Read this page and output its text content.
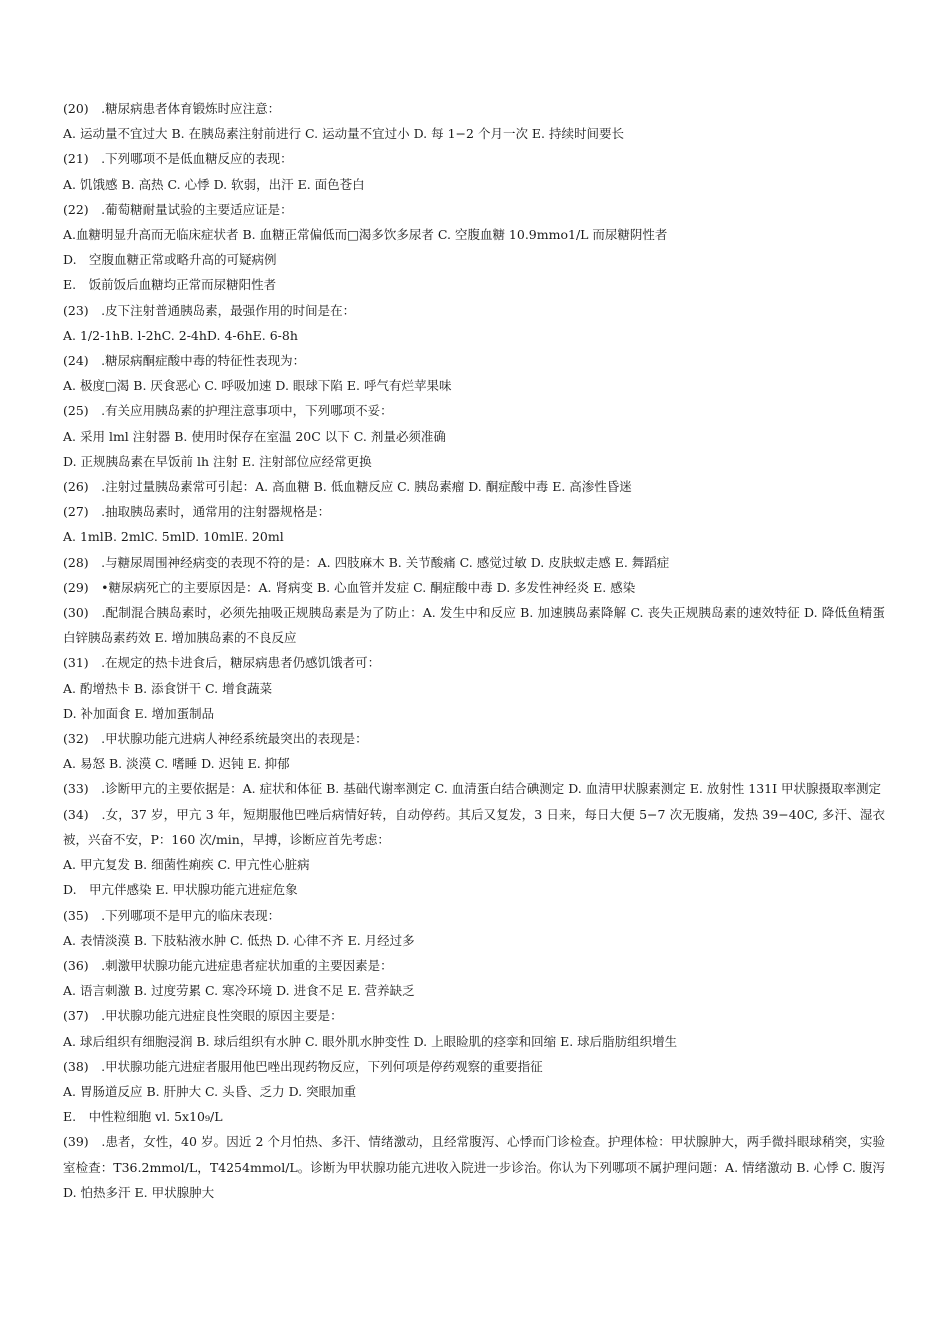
(20)　.糖尿病患者体育锻炼时应注意：

A. 运动量不宜过大 B. 在胰岛素注射前进行 C. 运动量不宜过小 D. 每 1−2 个月一次 E. 持续时间要长

(21)　.下列哪项不是低血糖反应的表现：

A. 饥饿感 B. 高热 C. 心悸 D. 软弱，出汗 E. 面色苍白

(22)　.葡萄糖耐量试验的主要适应证是：

A.血糖明显升高而无临床症状者 B. 血糖正常偏低而□渴多饮多尿者 C. 空腹血糖 10.9mmo1/L 而尿糖阴性者

D.　空腹血糖正常或略升高的可疑病例

E.　饭前饭后血糖均正常而尿糖阳性者

(23)　.皮下注射普通胰岛素，最强作用的时间是在：

A. 1/2-1hB. l-2hC. 2-4hD. 4-6hE. 6-8h

(24)　.糖尿病酮症酸中毒的特征性表现为：

A. 极度□渴 B. 厌食恶心 C. 呼吸加速 D. 眼球下陷 E. 呼气有烂苹果味

(25)　.有关应用胰岛素的护理注意事项中，下列哪项不妥：

A. 采用 lml 注射器 B. 使用时保存在室温 20C 以下 C. 剂量必须准确

D. 正规胰岛素在早饭前 lh 注射 E. 注射部位应经常更换

(26)　.注射过量胰岛素常可引起：A. 高血糖 B. 低血糖反应 C. 胰岛素瘤 D. 酮症酸中毒 E. 高渗性昏迷

(27)　.抽取胰岛素时，通常用的注射器规格是：

A. 1mlB. 2mlC. 5mlD. 10mlE. 20ml

(28)　.与糖尿周围神经病变的表现不符的是：A. 四肢麻木 B. 关节酸痛 C. 感觉过敏 D. 皮肤蚁走感 E. 舞蹈症

(29)　•糖尿病死亡的主要原因是：A. 肾病变 B. 心血管并发症 C. 酮症酸中毒 D. 多发性神经炎 E. 感染

(30)　.配制混合胰岛素时，必须先抽吸正规胰岛素是为了防止：A. 发生中和反应 B. 加速胰岛素降解 C. 丧失正规胰岛素的速效特征 D. 降低鱼精蛋白锌胰岛素药效 E. 增加胰岛素的不良反应

(31)　.在规定的热卡进食后，糖尿病患者仍感饥饿者可：

A. 酌增热卡 B. 添食饼干 C. 增食蔬菜

D. 补加面食 E. 增加蛋制品

(32)　.甲状腺功能亢进病人神经系统最突出的表现是：

A. 易怒 B. 淡漠 C. 嗜睡 D. 迟钝 E. 抑郁

(33)　.诊断甲亢的主要依据是：A. 症状和体征 B. 基础代谢率测定 C. 血清蛋白结合碘测定 D. 血清甲状腺素测定 E. 放射性 131I 甲状腺摄取率测定

(34)　.女，37 岁，甲亢 3 年，短期服他巴唑后病情好转，自动停药。其后又复发，3 日来，每日大便 5−7 次无腹痛，发热 39−40C, 多汗、湿衣被，兴奋不安，P：160 次/min，早搏，诊断应首先考虑：

A. 甲亢复发 B. 细菌性痢疾 C. 甲亢性心脏病

D.　甲亢伴感染 E. 甲状腺功能亢进症危象

(35)　.下列哪项不是甲亢的临床表现：

A. 表情淡漠 B. 下肢粘液水肿 C. 低热 D. 心律不齐 E. 月经过多

(36)　.刺激甲状腺功能亢进症患者症状加重的主要因素是：

A. 语言刺激 B. 过度劳累 C. 寒冷环境 D. 进食不足 E. 营养缺乏

(37)　.甲状腺功能亢进症良性突眼的原因主要是：

A. 球后组织有细胞浸润 B. 球后组织有水肿 C. 眼外肌水肿变性 D. 上眼睑肌的痉挛和回缩 E. 球后脂肪组织增生

(38)　.甲状腺功能亢进症者服用他巴唑出现药物反应，下列何项是停药观察的重要指征

A. 胃肠道反应 B. 肝肿大 C. 头昏、乏力 D. 突眼加重

E.　中性粒细胞 vl. 5x10₉/L

(39)　.患者，女性，40 岁。因近 2 个月怕热、多汗、情绪激动，且经常腹泻、心悸而门诊检查。护理体检：甲状腺肿大，两手微抖眼球稍突，实验室检查：T36.2mmol/L，T4254mmol/L。诊断为甲状腺功能亢进收入院进一步诊治。你认为下列哪项不属护理问题：A. 情绪激动 B. 心悸 C. 腹泻 D. 怕热多汗 E. 甲状腺肿大
